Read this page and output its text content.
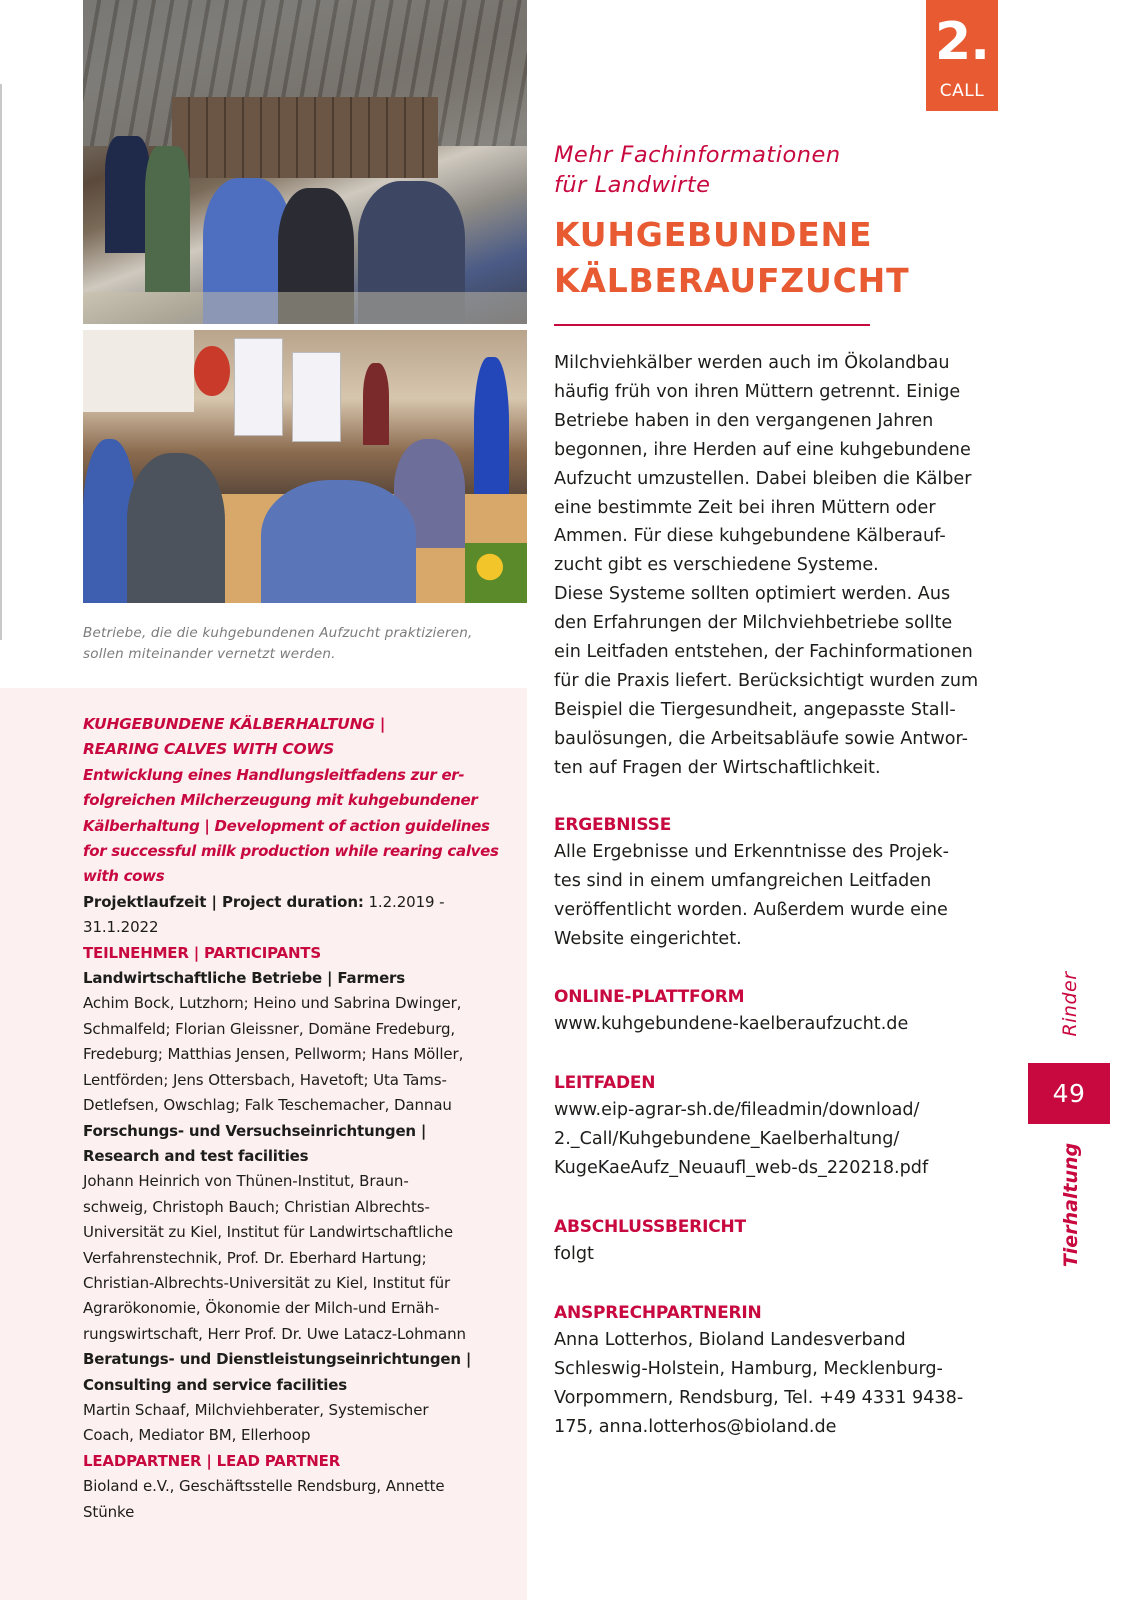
Betriebe, die die kuhgebundenen Aufzucht praktizieren,
sollen miteinander vernetzt werden.
KUHGEBUNDENE KÄLBERHALTUNG |
REARING CALVES WITH COWS
Entwicklung eines Handlungsleitfadens zur er-
folgreichen Milcherzeugung mit kuhgebundener
Kälberhaltung | Development of action guidelines
for successful milk production while rearing calves
with cows
Projektlaufzeit | Project duration: 1.2.2019 - 31.1.2022
TEILNEHMER | PARTICIPANTS
Landwirtschaftliche Betriebe | Farmers
Achim Bock, Lutzhorn; Heino und Sabrina Dwinger,
Schmalfeld; Florian Gleissner, Domäne Fredeburg,
Fredeburg; Matthias Jensen, Pellworm; Hans Möller,
Lentförden; Jens Ottersbach, Havetoft; Uta Tams-
Detlefsen, Owschlag; Falk Teschemacher, Dannau
Forschungs- und Versuchseinrichtungen |
Research and test facilities
Johann Heinrich von Thünen-Institut, Braun-
schweig, Christoph Bauch; Christian Albrechts-
Universität zu Kiel, Institut für Landwirtschaftliche
Verfahrenstechnik, Prof. Dr. Eberhard Hartung;
Christian-Albrechts-Universität zu Kiel, Institut für
Agrarökonomie, Ökonomie der Milch-und Ernäh-
rungswirtschaft, Herr Prof. Dr. Uwe Latacz-Lohmann
Beratungs- und Dienstleistungseinrichtungen |
Consulting and service facilities
Martin Schaaf, Milchviehberater, Systemischer
Coach, Mediator BM, Ellerhoop
LEADPARTNER | LEAD PARTNER
Bioland e.V., Geschäftsstelle Rendsburg, Annette
Stünke
2.
CALL
Mehr Fachinformationen
für Landwirte
KUHGEBUNDENE
KÄLBERAUFZUCHT
Milchviehkälber werden auch im Ökolandbau
häufig früh von ihren Müttern getrennt. Einige
Betriebe haben in den vergangenen Jahren
begonnen, ihre Herden auf eine kuhgebundene
Aufzucht umzustellen. Dabei bleiben die Kälber
eine bestimmte Zeit bei ihren Müttern oder
Ammen. Für diese kuhgebundene Kälberauf-
zucht gibt es verschiedene Systeme.
Diese Systeme sollten optimiert werden. Aus
den Erfahrungen der Milchviehbetriebe sollte
ein Leitfaden entstehen, der Fachinformationen
für die Praxis liefert. Berücksichtigt wurden zum
Beispiel die Tiergesundheit, angepasste Stall-
baulösungen, die Arbeitsabläufe sowie Antwor-
ten auf Fragen der Wirtschaftlichkeit.
ERGEBNISSE
Alle Ergebnisse und Erkenntnisse des Projek-
tes sind in einem umfangreichen Leitfaden
veröffentlicht worden. Außerdem wurde eine
Website eingerichtet.
ONLINE-PLATTFORM
www.kuhgebundene-kaelberaufzucht.de
LEITFADEN
www.eip-agrar-sh.de/fileadmin/download/
2._Call/Kuhgebundene_Kaelberhaltung/
KugeKaeAufz_Neuaufl_web-ds_220218.pdf
ABSCHLUSSBERICHT
folgt
ANSPRECHPARTNERIN
Anna Lotterhos, Bioland Landesverband
Schleswig-Holstein, Hamburg, Mecklenburg-
Vorpommern, Rendsburg, Tel. +49 4331 9438-
175, anna.lotterhos@bioland.de
Rinder
49
Tierhaltung
